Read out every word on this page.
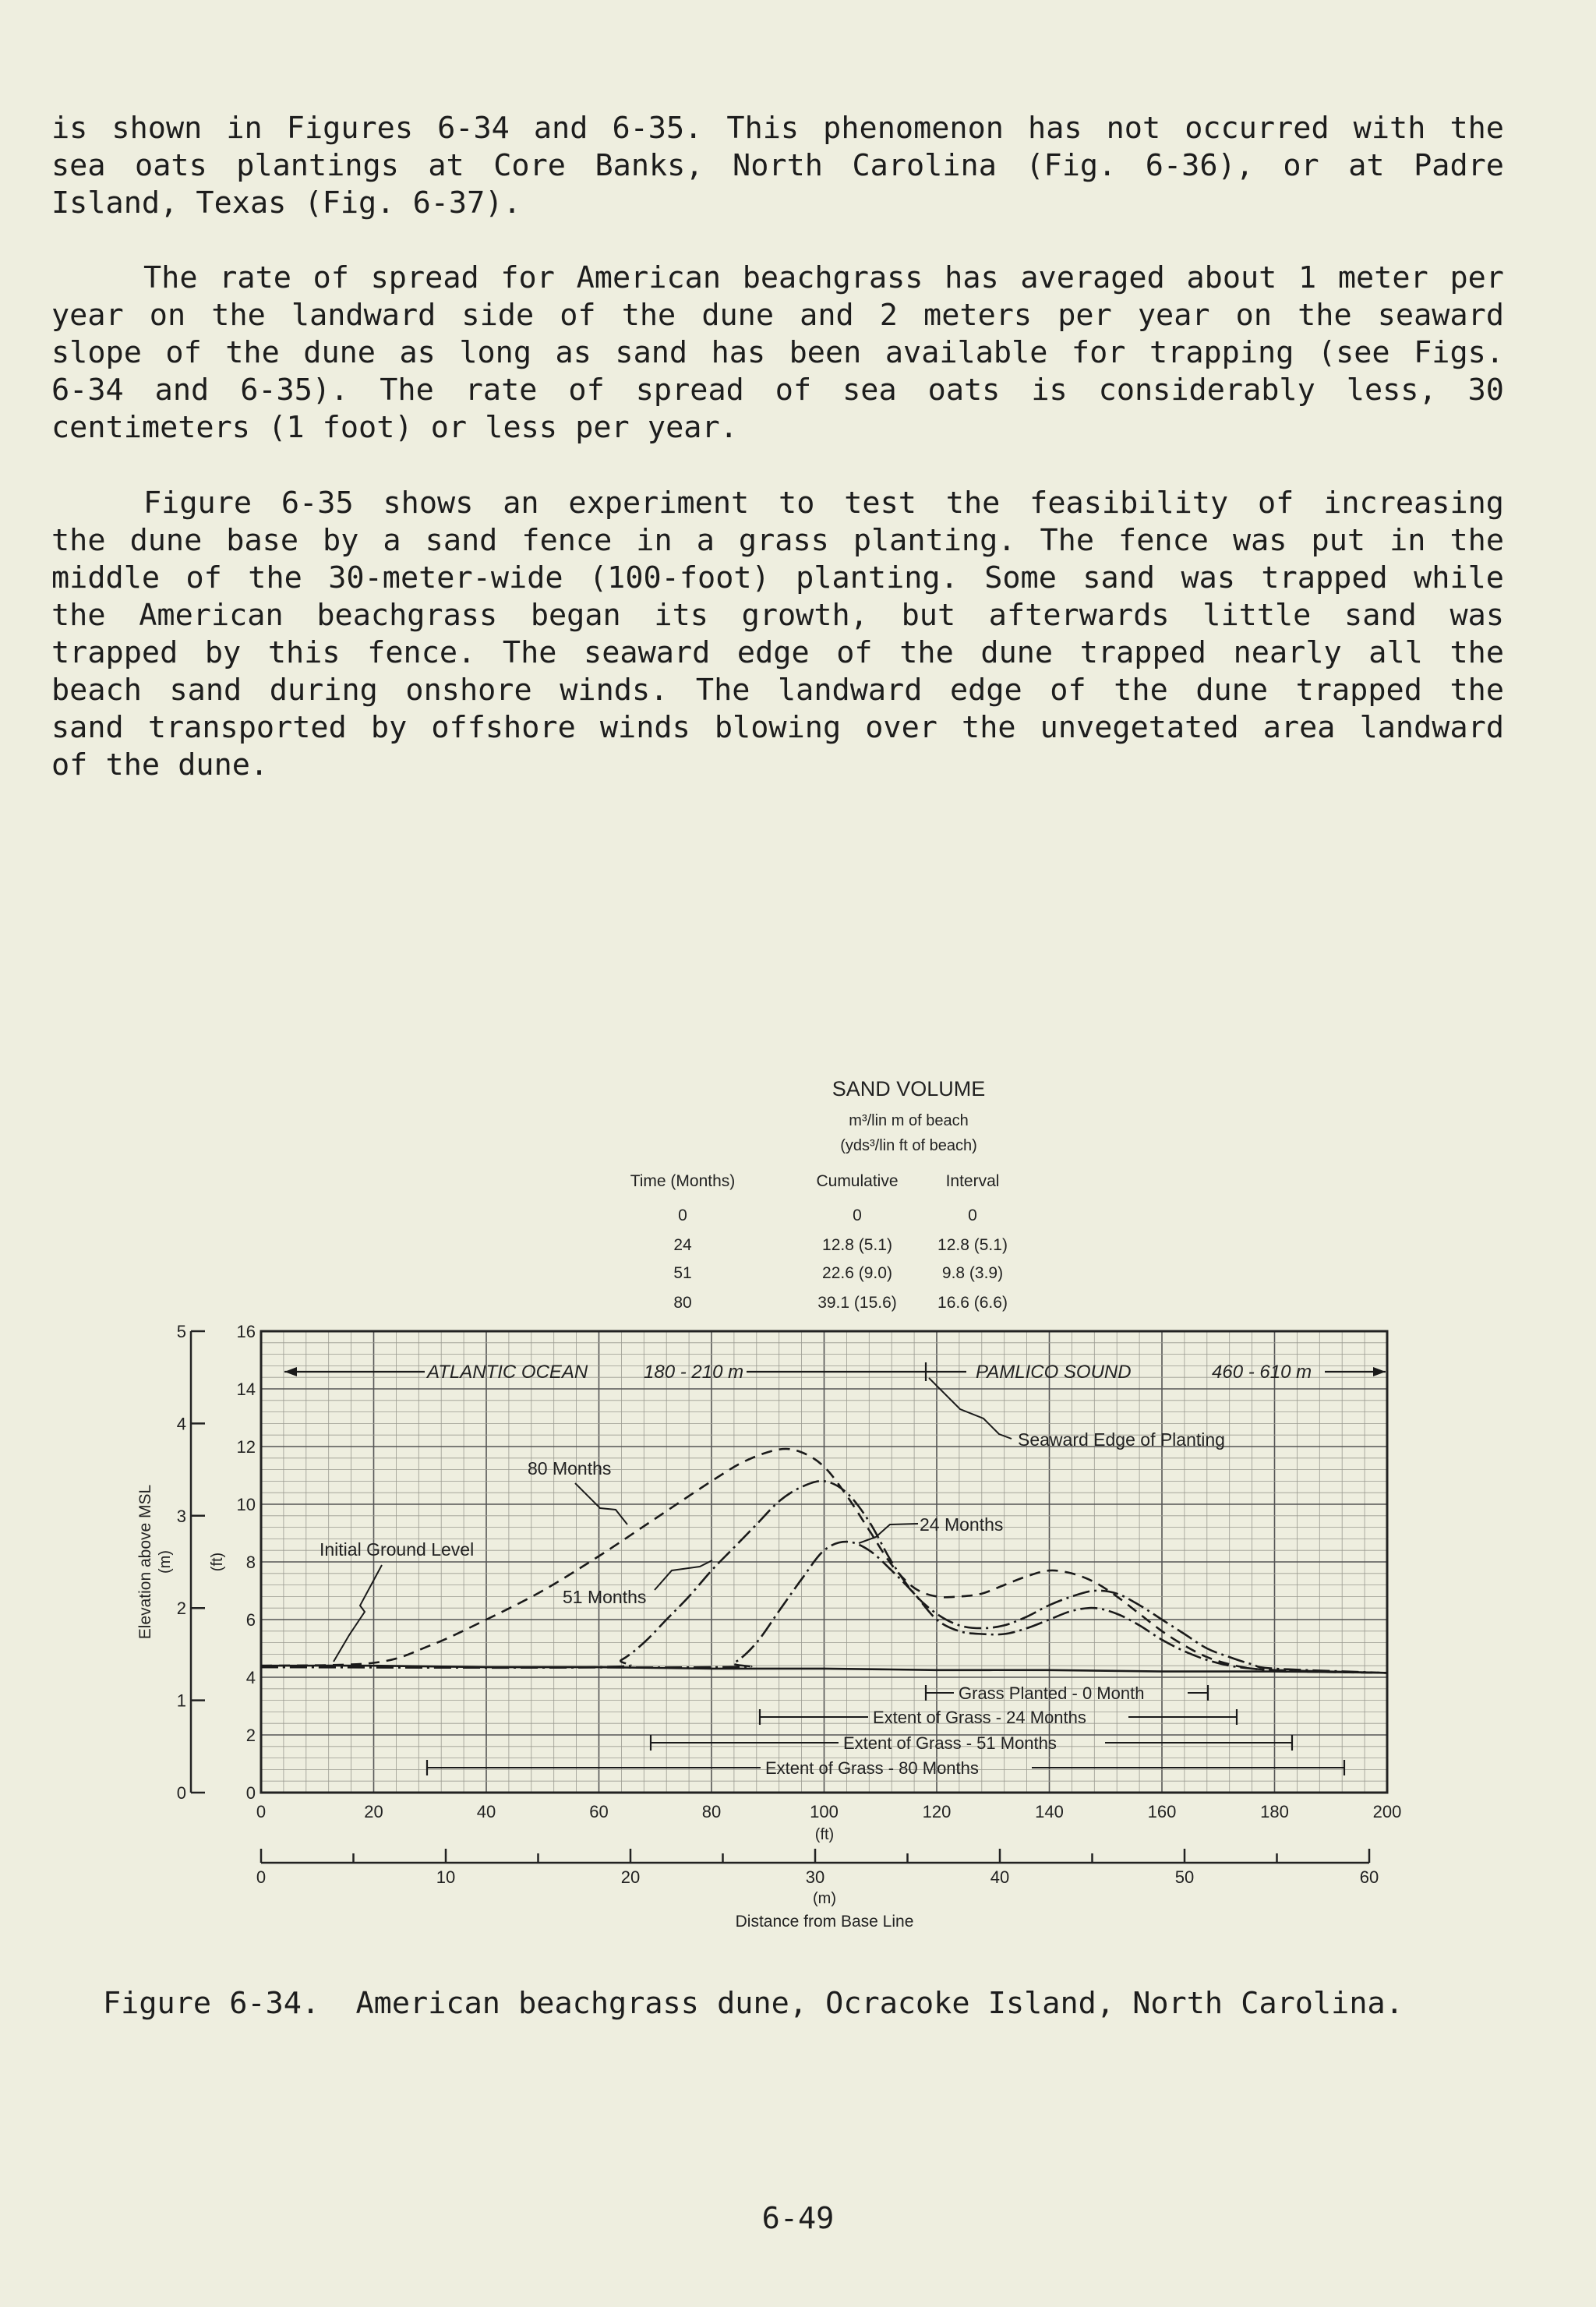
is shown in Figures 6-34 and 6-35. This phenomenon has not occurred with the
sea oats plantings at Core Banks, North Carolina (Fig. 6-36), or at Padre
Island, Texas (Fig. 6-37).
The rate of spread for American beachgrass has averaged about 1 meter per
year on the landward side of the dune and 2 meters per year on the seaward
slope of the dune as long as sand has been available for trapping (see Figs.
6-34 and 6-35). The rate of spread of sea oats is considerably less, 30
centimeters (1 foot) or less per year.
Figure 6-35 shows an experiment to test the feasibility of increasing
the dune base by a sand fence in a grass planting. The fence was put in the
middle of the 30-meter-wide (100-foot) planting. Some sand was trapped while
the American beachgrass began its growth, but afterwards little sand was
trapped by this fence. The seaward edge of the dune trapped nearly all the
beach sand during onshore winds. The landward edge of the dune trapped the
sand transported by offshore winds blowing over the unvegetated area landward
of the dune.
SAND VOLUME
m³/lin m of beach
(yds³/lin ft of beach)
Time (Months)	Cumulative	Interval
0	0	0
24	12.8 (5.1)	12.8 (5.1)
51	22.6 (9.0)	9.8 (3.9)
80	39.1 (15.6) 16.6 (6.6)
0	20	40	60	80	100	120	140	160	180	200
(ft)
0
2
4
6
8
10
12
14
16
0
1
2
3
4
5
Elevation above MSL (m) (ft)
0	10	20	30	40	50	60
(m)
Distance from Base Line
ATLANTIC OCEAN	180 - 210 m	PAMLICO SOUND	460 - 610 m
Seaward Edge of Planting
80 Months
24 Months
51 Months
Initial Ground Level
Grass Planted - 0 Month
Extent of Grass - 24 Months
Extent of Grass - 51 Months
Extent of Grass - 80 Months
Figure 6-34.  American beachgrass dune, Ocracoke Island, North Carolina.
6-49
